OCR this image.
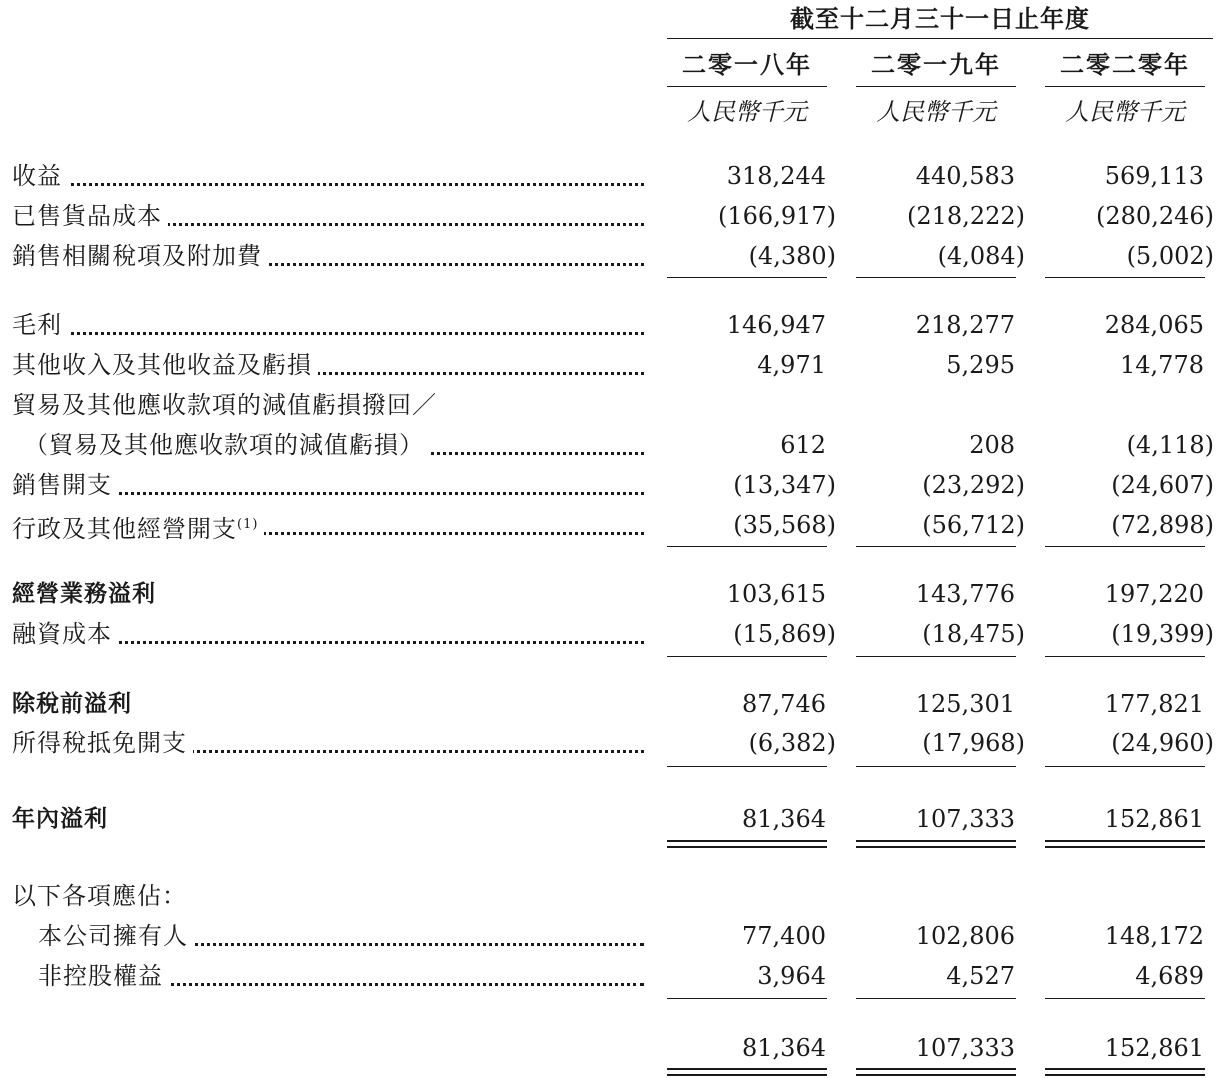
截至十二月三十一日止年度
二零一八年	二零一九年	二零二零年
人民幣千元	人民幣千元	人民幣千元
收益	318,244	440,583	569,113
已售貨品成本	(166,917)	(218,222)	(280,246)
銷售相關稅項及附加費	(4,380)	(4,084)	(5,002)
毛利	146,947	218,277	284,065
其他收入及其他收益及虧損	4,971	5,295	14,778
貿易及其他應收款項的減值虧損撥回／
（貿易及其他應收款項的減值虧損）	612	208	(4,118)
銷售開支	(13,347)	(23,292)	(24,607)
行政及其他經營開支$^{(1)}$	(35,568)	(56,712)	(72,898)
經營業務溢利	103,615	143,776	197,220
融資成本	(15,869)	(18,475)	(19,399)
除稅前溢利	87,746	125,301	177,821
所得稅抵免開支	(6,382)	(17,968)	(24,960)
年內溢利	81,364	107,333	152,861
以下各項應佔：
本公司擁有人	77,400	102,806	148,172
非控股權益	3,964	4,527	4,689
81,364	107,333	152,861
